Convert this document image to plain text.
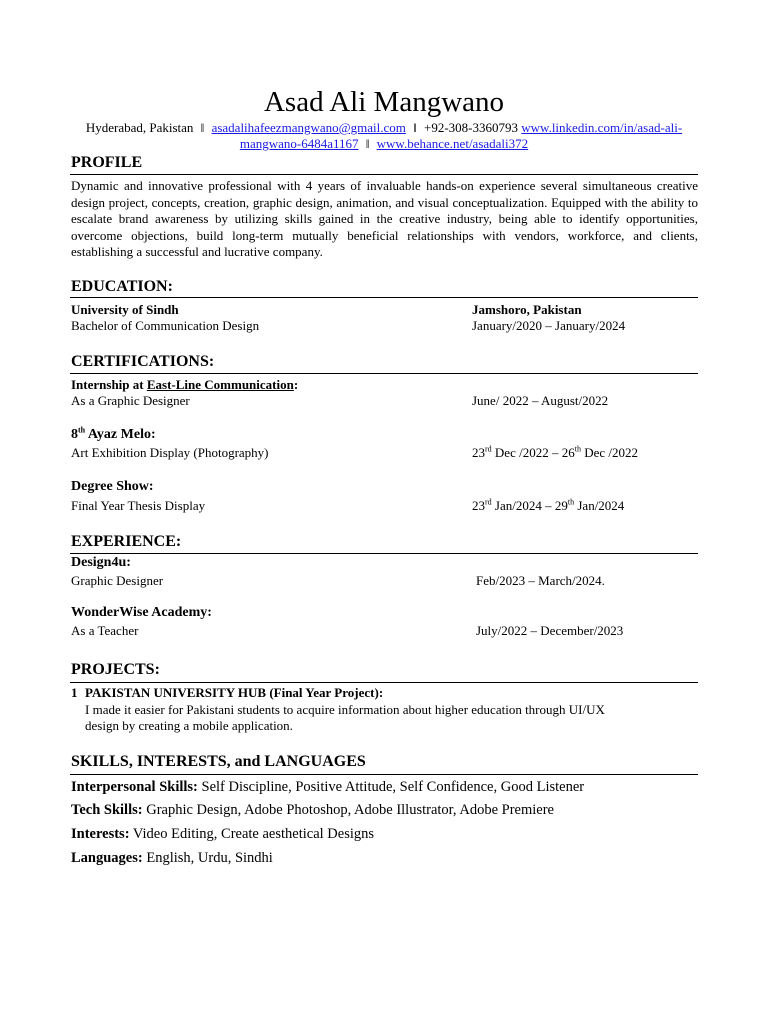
Asad Ali Mangwano
Hyderabad, Pakistan ǁ asadalihafeezmangwano@gmail.com ǁ +92-308-3360793 www.linkedin.com/in/asad-ali-
mangwano-6484a1167 ǁ www.behance.net/asadali372
PROFILE
Dynamic and innovative professional with 4 years of invaluable hands-on experience several simultaneous creative design project, concepts, creation, graphic design, animation, and visual conceptualization. Equipped with the ability to escalate brand awareness by utilizing skills gained in the creative industry, being able to identify opportunities, overcome objections, build long-term mutually beneficial relationships with vendors, workforce, and clients, establishing a successful and lucrative company.
EDUCATION:
University of Sindh	Jamshoro, Pakistan
Bachelor of Communication Design	January/2020 – January/2024
CERTIFICATIONS:
Internship at East-Line Communication:
As a Graphic Designer	June/ 2022 – August/2022
8th Ayaz Melo:
Art Exhibition Display (Photography)	23rd Dec /2022 – 26th Dec /2022
Degree Show:
Final Year Thesis Display	23rd Jan/2024 – 29th Jan/2024
EXPERIENCE:
Design4u:
Graphic Designer	Feb/2023 – March/2024.
WonderWise Academy:
As a Teacher	July/2022 – December/2023
PROJECTS:
1 PAKISTAN UNIVERSITY HUB (Final Year Project):
I made it easier for Pakistani students to acquire information about higher education through UI/UX
design by creating a mobile application.
SKILLS, INTERESTS, and LANGUAGES
Interpersonal Skills: Self Discipline, Positive Attitude, Self Confidence, Good Listener
Tech Skills: Graphic Design, Adobe Photoshop, Adobe Illustrator, Adobe Premiere
Interests: Video Editing, Create aesthetical Designs
Languages: English, Urdu, Sindhi
